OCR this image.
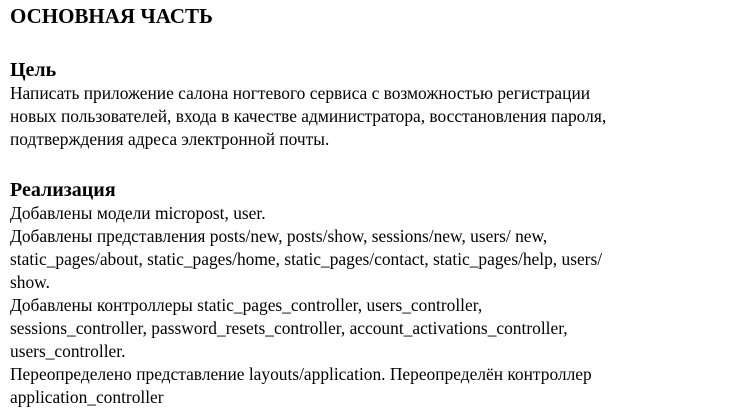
ОСНОВНАЯ ЧАСТЬ
Цель

Написать приложение салона ногтевого сервиса с возможностью регистрации

новых пользователей, входа в качестве администратора, восстановления пароля,

подтверждения адреса электронной почты.

Реализация

Добавлены модели micropost, user.

Добавлены представления posts/new, posts/show, sessions/new, users/ new,

static_pages/about, static_pages/home, static_pages/contact, static_pages/help, users/

show.

Добавлены контроллеры static_pages_controller, users_controller,

sessions_controller, password_resets_controller, account_activations_controller,

users_controller.

Переопределено представление layouts/application. Переопределён контроллер

application_controller
